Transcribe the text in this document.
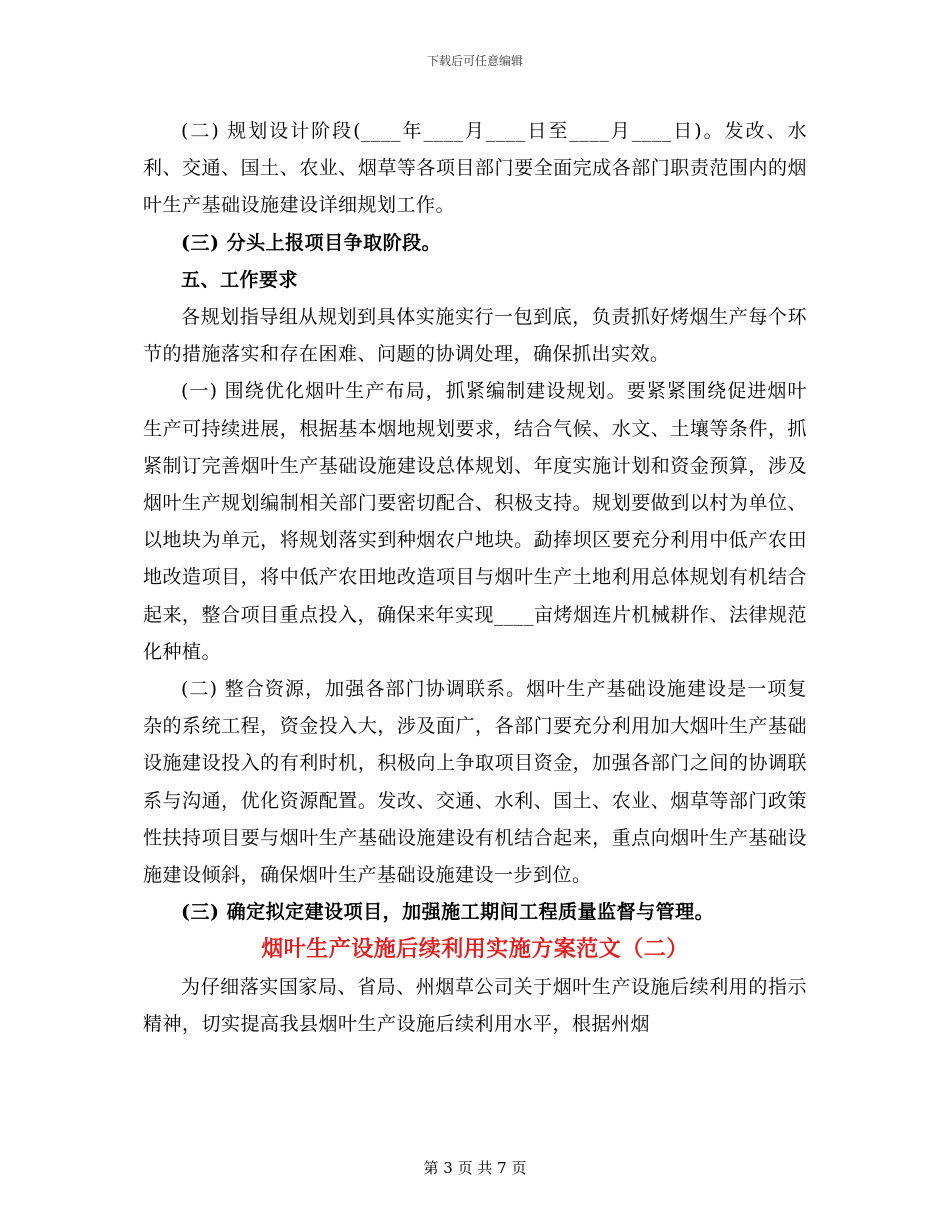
下载后可任意编辑

(二) 规划设计阶段(____年____月____日至____月____日)。发改、水利、交通、国土、农业、烟草等各项目部门要全面完成各部门职责范围内的烟叶生产基础设施建设详细规划工作。

(三) 分头上报项目争取阶段。

五、工作要求

各规划指导组从规划到具体实施实行一包到底，负责抓好烤烟生产每个环节的措施落实和存在困难、问题的协调处理，确保抓出实效。

(一) 围绕优化烟叶生产布局，抓紧编制建设规划。要紧紧围绕促进烟叶生产可持续进展，根据基本烟地规划要求，结合气候、水文、土壤等条件，抓紧制订完善烟叶生产基础设施建设总体规划、年度实施计划和资金预算，涉及烟叶生产规划编制相关部门要密切配合、积极支持。规划要做到以村为单位、以地块为单元，将规划落实到种烟农户地块。勐捧坝区要充分利用中低产农田地改造项目，将中低产农田地改造项目与烟叶生产土地利用总体规划有机结合起来，整合项目重点投入，确保来年实现____亩烤烟连片机械耕作、法律规范化种植。

(二) 整合资源，加强各部门协调联系。烟叶生产基础设施建设是一项复杂的系统工程，资金投入大，涉及面广，各部门要充分利用加大烟叶生产基础设施建设投入的有利时机，积极向上争取项目资金，加强各部门之间的协调联系与沟通，优化资源配置。发改、交通、水利、国土、农业、烟草等部门政策性扶持项目要与烟叶生产基础设施建设有机结合起来，重点向烟叶生产基础设施建设倾斜，确保烟叶生产基础设施建设一步到位。

(三) 确定拟定建设项目，加强施工期间工程质量监督与管理。

烟叶生产设施后续利用实施方案范文（二）

为仔细落实国家局、省局、州烟草公司关于烟叶生产设施后续利用的指示精神，切实提高我县烟叶生产设施后续利用水平，根据州烟

第 3 页 共 7 页
